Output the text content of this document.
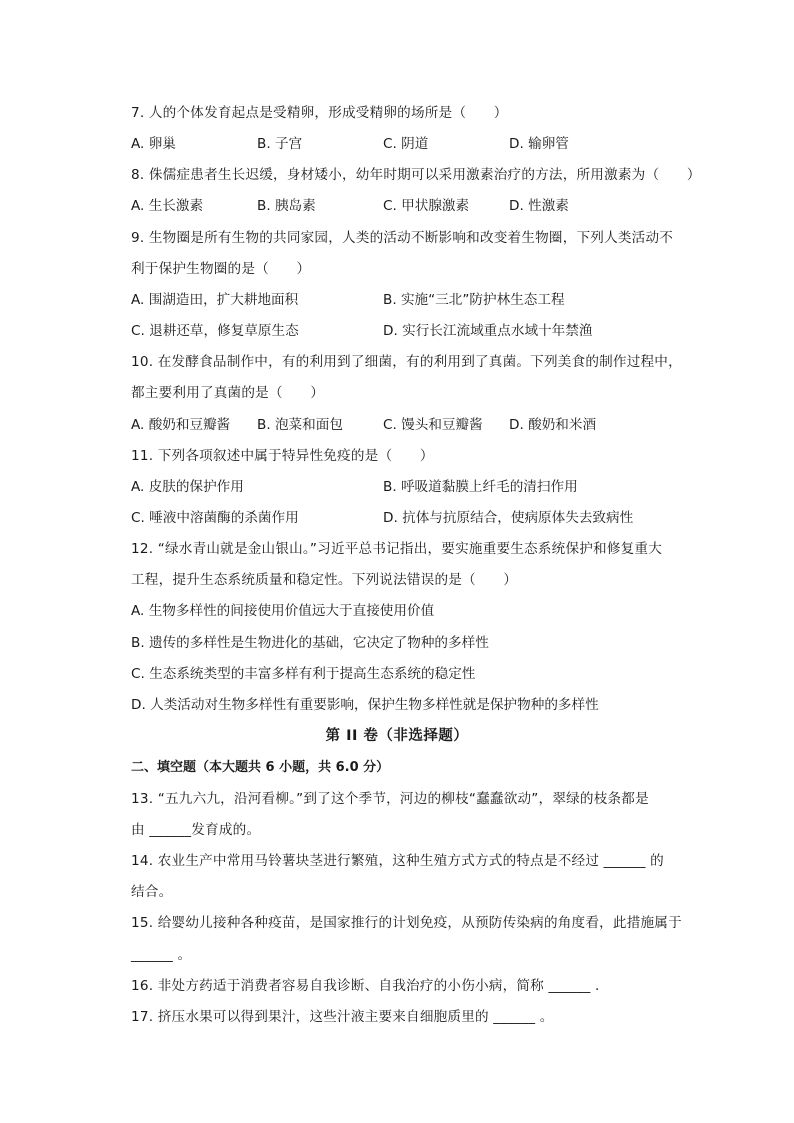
7. 人的个体发育起点是受精卵，形成受精卵的场所是（　　）
A. 卵巢	B. 子宫	C. 阴道	D. 输卵管
8. 侏儒症患者生长迟缓，身材矮小，幼年时期可以采用激素治疗的方法，所用激素为（　　）
A. 生长激素	B. 胰岛素	C. 甲状腺激素	D. 性激素
9. 生物圈是所有生物的共同家园，人类的活动不断影响和改变着生物圈，下列人类活动不
利于保护生物圈的是（　　）
A. 围湖造田，扩大耕地面积	B. 实施“三北”防护林生态工程
C. 退耕还草，修复草原生态	D. 实行长江流域重点水域十年禁渔
10. 在发酵食品制作中，有的利用到了细菌，有的利用到了真菌。下列美食的制作过程中，
都主要利用了真菌的是（　　）
A. 酸奶和豆瓣酱 B. 泡菜和面包	C. 馒头和豆瓣酱 D. 酸奶和米酒
11. 下列各项叙述中属于特异性免疫的是（　　）
A. 皮肤的保护作用	B. 呼吸道黏膜上纤毛的清扫作用
C. 唾液中溶菌酶的杀菌作用	D. 抗体与抗原结合，使病原体失去致病性
12. “绿水青山就是金山银山。”习近平总书记指出，要实施重要生态系统保护和修复重大
工程，提升生态系统质量和稳定性。下列说法错误的是（　　）
A. 生物多样性的间接使用价值远大于直接使用价值
B. 遗传的多样性是生物进化的基础，它决定了物种的多样性
C. 生态系统类型的丰富多样有利于提高生态系统的稳定性
D. 人类活动对生物多样性有重要影响，保护生物多样性就是保护物种的多样性
第 II 卷（非选择题）
二、填空题（本大题共 6 小题，共 6.0 分）
13. “五九六九，沿河看柳。”到了这个季节，河边的柳枝“蠢蠢欲动”，翠绿的枝条都是
由 ______发育成的。
14. 农业生产中常用马铃薯块茎进行繁殖，这种生殖方式方式的特点是不经过 ______ 的
结合。
15. 给婴幼儿接种各种疫苗，是国家推行的计划免疫，从预防传染病的角度看，此措施属于
______ 。
16. 非处方药适于消费者容易自我诊断、自我治疗的小伤小病，简称 ______ .
17. 挤压水果可以得到果汁，这些汁液主要来自细胞质里的 ______ 。
